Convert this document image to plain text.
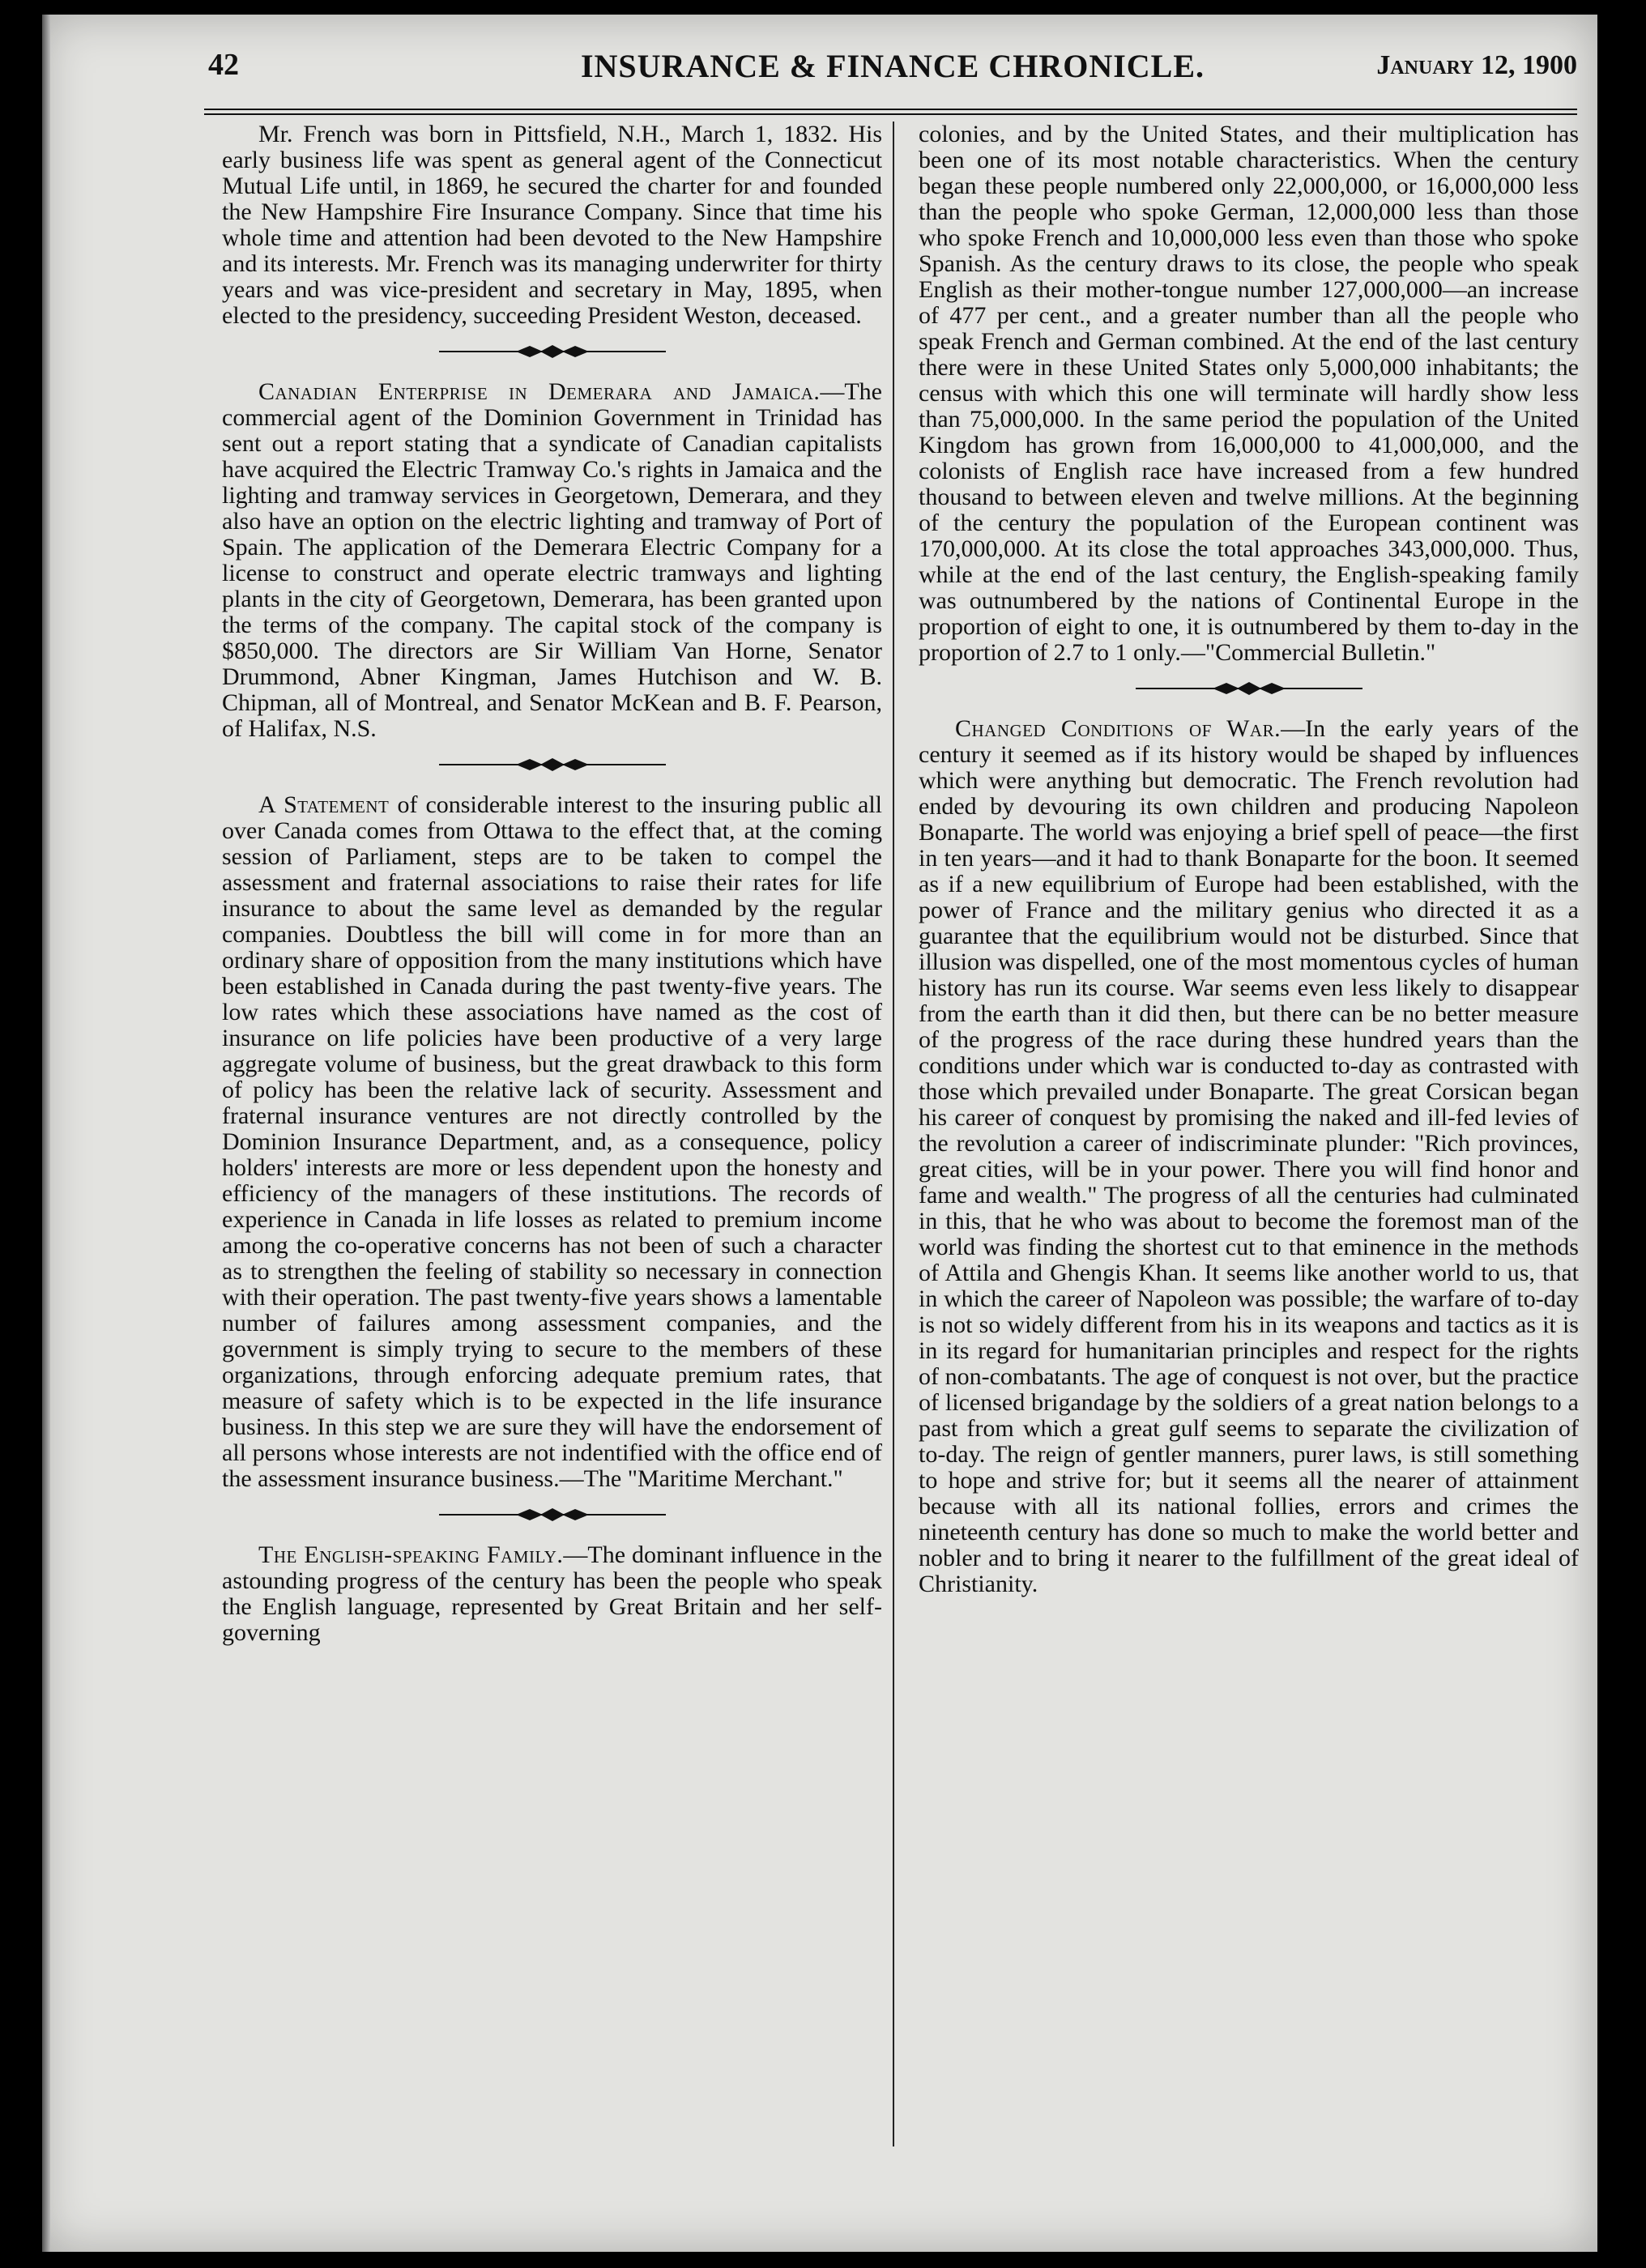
42	INSURANCE & FINANCE CHRONICLE.	January 12, 1900

Mr. French was born in Pittsfield, N.H., March 1, 1832. His early business life was spent as general agent of the Connecticut Mutual Life until, in 1869, he secured the charter for and founded the New Hampshire Fire Insurance Company. Since that time his whole time and attention had been devoted to the New Hampshire and its interests. Mr. French was its managing underwriter for thirty years and was vice-president and secretary in May, 1895, when elected to the presidency, succeeding President Weston, deceased.

Canadian Enterprise in Demerara and Jamaica.—The commercial agent of the Dominion Government in Trinidad has sent out a report stating that a syndicate of Canadian capitalists have acquired the Electric Tramway Co.'s rights in Jamaica and the lighting and tramway services in Georgetown, Demerara, and they also have an option on the electric lighting and tramway of Port of Spain. The application of the Demerara Electric Company for a license to construct and operate electric tramways and lighting plants in the city of Georgetown, Demerara, has been granted upon the terms of the company. The capital stock of the company is $850,000. The directors are Sir William Van Horne, Senator Drummond, Abner Kingman, James Hutchison and W. B. Chipman, all of Montreal, and Senator McKean and B. F. Pearson, of Halifax, N.S.

A Statement of considerable interest to the insuring public all over Canada comes from Ottawa to the effect that, at the coming session of Parliament, steps are to be taken to compel the assessment and fraternal associations to raise their rates for life insurance to about the same level as demanded by the regular companies. Doubtless the bill will come in for more than an ordinary share of opposition from the many institutions which have been established in Canada during the past twenty-five years. The low rates which these associations have named as the cost of insurance on life policies have been productive of a very large aggregate volume of business, but the great drawback to this form of policy has been the relative lack of security. Assessment and fraternal insurance ventures are not directly controlled by the Dominion Insurance Department, and, as a consequence, policy holders' interests are more or less dependent upon the honesty and efficiency of the managers of these institutions. The records of experience in Canada in life losses as related to premium income among the co-operative concerns has not been of such a character as to strengthen the feeling of stability so necessary in connection with their operation. The past twenty-five years shows a lamentable number of failures among assessment companies, and the government is simply trying to secure to the members of these organizations, through enforcing adequate premium rates, that measure of safety which is to be expected in the life insurance business. In this step we are sure they will have the endorsement of all persons whose interests are not indentified with the office end of the assessment insurance business.—The "Maritime Merchant."

The English-speaking Family.—The dominant influence in the astounding progress of the century has been the people who speak the English language, represented by Great Britain and her self-governing

colonies, and by the United States, and their multiplication has been one of its most notable characteristics. When the century began these people numbered only 22,000,000, or 16,000,000 less than the people who spoke German, 12,000,000 less than those who spoke French and 10,000,000 less even than those who spoke Spanish. As the century draws to its close, the people who speak English as their mother-tongue number 127,000,000—an increase of 477 per cent., and a greater number than all the people who speak French and German combined. At the end of the last century there were in these United States only 5,000,000 inhabitants; the census with which this one will terminate will hardly show less than 75,000,000. In the same period the population of the United Kingdom has grown from 16,000,000 to 41,000,000, and the colonists of English race have increased from a few hundred thousand to between eleven and twelve millions. At the beginning of the century the population of the European continent was 170,000,000. At its close the total approaches 343,000,000. Thus, while at the end of the last century, the English-speaking family was outnumbered by the nations of Continental Europe in the proportion of eight to one, it is outnumbered by them to-day in the proportion of 2.7 to 1 only.—"Commercial Bulletin."

Changed Conditions of War.—In the early years of the century it seemed as if its history would be shaped by influences which were anything but democratic. The French revolution had ended by devouring its own children and producing Napoleon Bonaparte. The world was enjoying a brief spell of peace—the first in ten years—and it had to thank Bonaparte for the boon. It seemed as if a new equilibrium of Europe had been established, with the power of France and the military genius who directed it as a guarantee that the equilibrium would not be disturbed. Since that illusion was dispelled, one of the most momentous cycles of human history has run its course. War seems even less likely to disappear from the earth than it did then, but there can be no better measure of the progress of the race during these hundred years than the conditions under which war is conducted to-day as contrasted with those which prevailed under Bonaparte. The great Corsican began his career of conquest by promising the naked and ill-fed levies of the revolution a career of indiscriminate plunder: "Rich provinces, great cities, will be in your power. There you will find honor and fame and wealth." The progress of all the centuries had culminated in this, that he who was about to become the foremost man of the world was finding the shortest cut to that eminence in the methods of Attila and Ghengis Khan. It seems like another world to us, that in which the career of Napoleon was possible; the warfare of to-day is not so widely different from his in its weapons and tactics as it is in its regard for humanitarian principles and respect for the rights of non-combatants. The age of conquest is not over, but the practice of licensed brigandage by the soldiers of a great nation belongs to a past from which a great gulf seems to separate the civilization of to-day. The reign of gentler manners, purer laws, is still something to hope and strive for; but it seems all the nearer of attainment because with all its national follies, errors and crimes the nineteenth century has done so much to make the world better and nobler and to bring it nearer to the fulfillment of the great ideal of Christianity.
